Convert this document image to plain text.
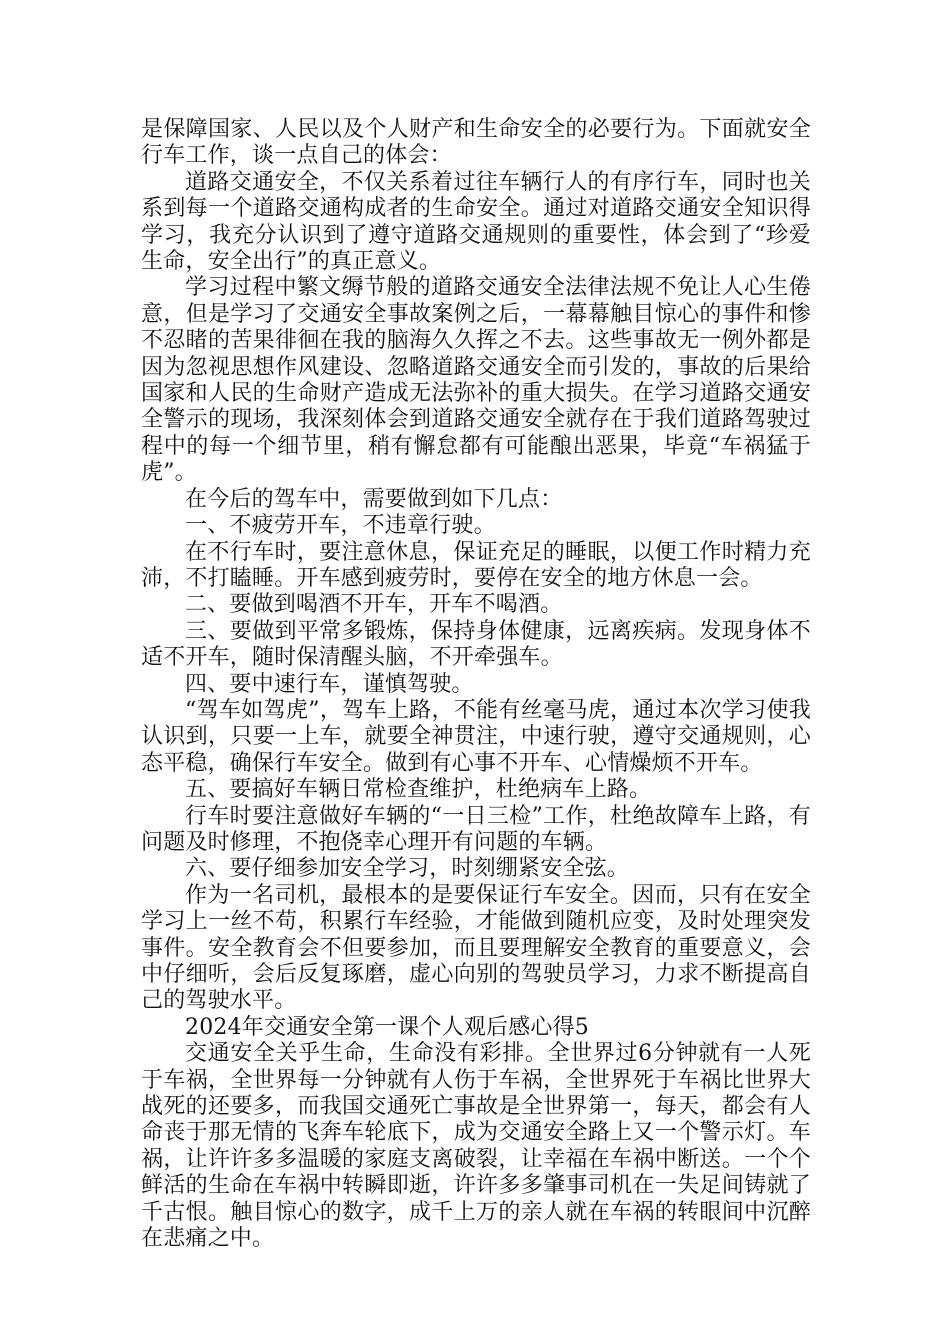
是保障国家、人民以及个人财产和生命安全的必要行为。下面就安全行车工作，谈一点自己的体会：

道路交通安全，不仅关系着过往车辆行人的有序行车，同时也关系到每一个道路交通构成者的生命安全。通过对道路交通安全知识得学习，我充分认识到了遵守道路交通规则的重要性，体会到了“珍爱生命，安全出行”的真正意义。

学习过程中繁文缛节般的道路交通安全法律法规不免让人心生倦意，但是学习了交通安全事故案例之后，一幕幕触目惊心的事件和惨不忍睹的苦果徘徊在我的脑海久久挥之不去。这些事故无一例外都是因为忽视思想作风建设、忽略道路交通安全而引发的，事故的后果给国家和人民的生命财产造成无法弥补的重大损失。在学习道路交通安全警示的现场，我深刻体会到道路交通安全就存在于我们道路驾驶过程中的每一个细节里，稍有懈怠都有可能酿出恶果，毕竟“车祸猛于虎”。

在今后的驾车中，需要做到如下几点：

一、不疲劳开车，不违章行驶。

在不行车时，要注意休息，保证充足的睡眠，以便工作时精力充沛，不打瞌睡。开车感到疲劳时，要停在安全的地方休息一会。

二、要做到喝酒不开车，开车不喝酒。

三、要做到平常多锻炼，保持身体健康，远离疾病。发现身体不适不开车，随时保清醒头脑，不开牵强车。

四、要中速行车，谨慎驾驶。

“驾车如驾虎”，驾车上路，不能有丝毫马虎，通过本次学习使我认识到，只要一上车，就要全神贯注，中速行驶，遵守交通规则，心态平稳，确保行车安全。做到有心事不开车、心情燥烦不开车。

五、要搞好车辆日常检查维护，杜绝病车上路。

行车时要注意做好车辆的“一日三检”工作，杜绝故障车上路，有问题及时修理，不抱侥幸心理开有问题的车辆。

六、要仔细参加安全学习，时刻绷紧安全弦。

作为一名司机，最根本的是要保证行车安全。因而，只有在安全学习上一丝不苟，积累行车经验，才能做到随机应变，及时处理突发事件。安全教育会不但要参加，而且要理解安全教育的重要意义，会中仔细听，会后反复琢磨，虚心向别的驾驶员学习，力求不断提高自己的驾驶水平。

2024年交通安全第一课个人观后感心得5

交通安全关乎生命，生命没有彩排。全世界过6分钟就有一人死于车祸，全世界每一分钟就有人伤于车祸，全世界死于车祸比世界大战死的还要多，而我国交通死亡事故是全世界第一，每天，都会有人命丧于那无情的飞奔车轮底下，成为交通安全路上又一个警示灯。车祸，让许许多多温暖的家庭支离破裂，让幸福在车祸中断送。一个个鲜活的生命在车祸中转瞬即逝，许许多多肇事司机在一失足间铸就了千古恨。触目惊心的数字，成千上万的亲人就在车祸的转眼间中沉醉在悲痛之中。
